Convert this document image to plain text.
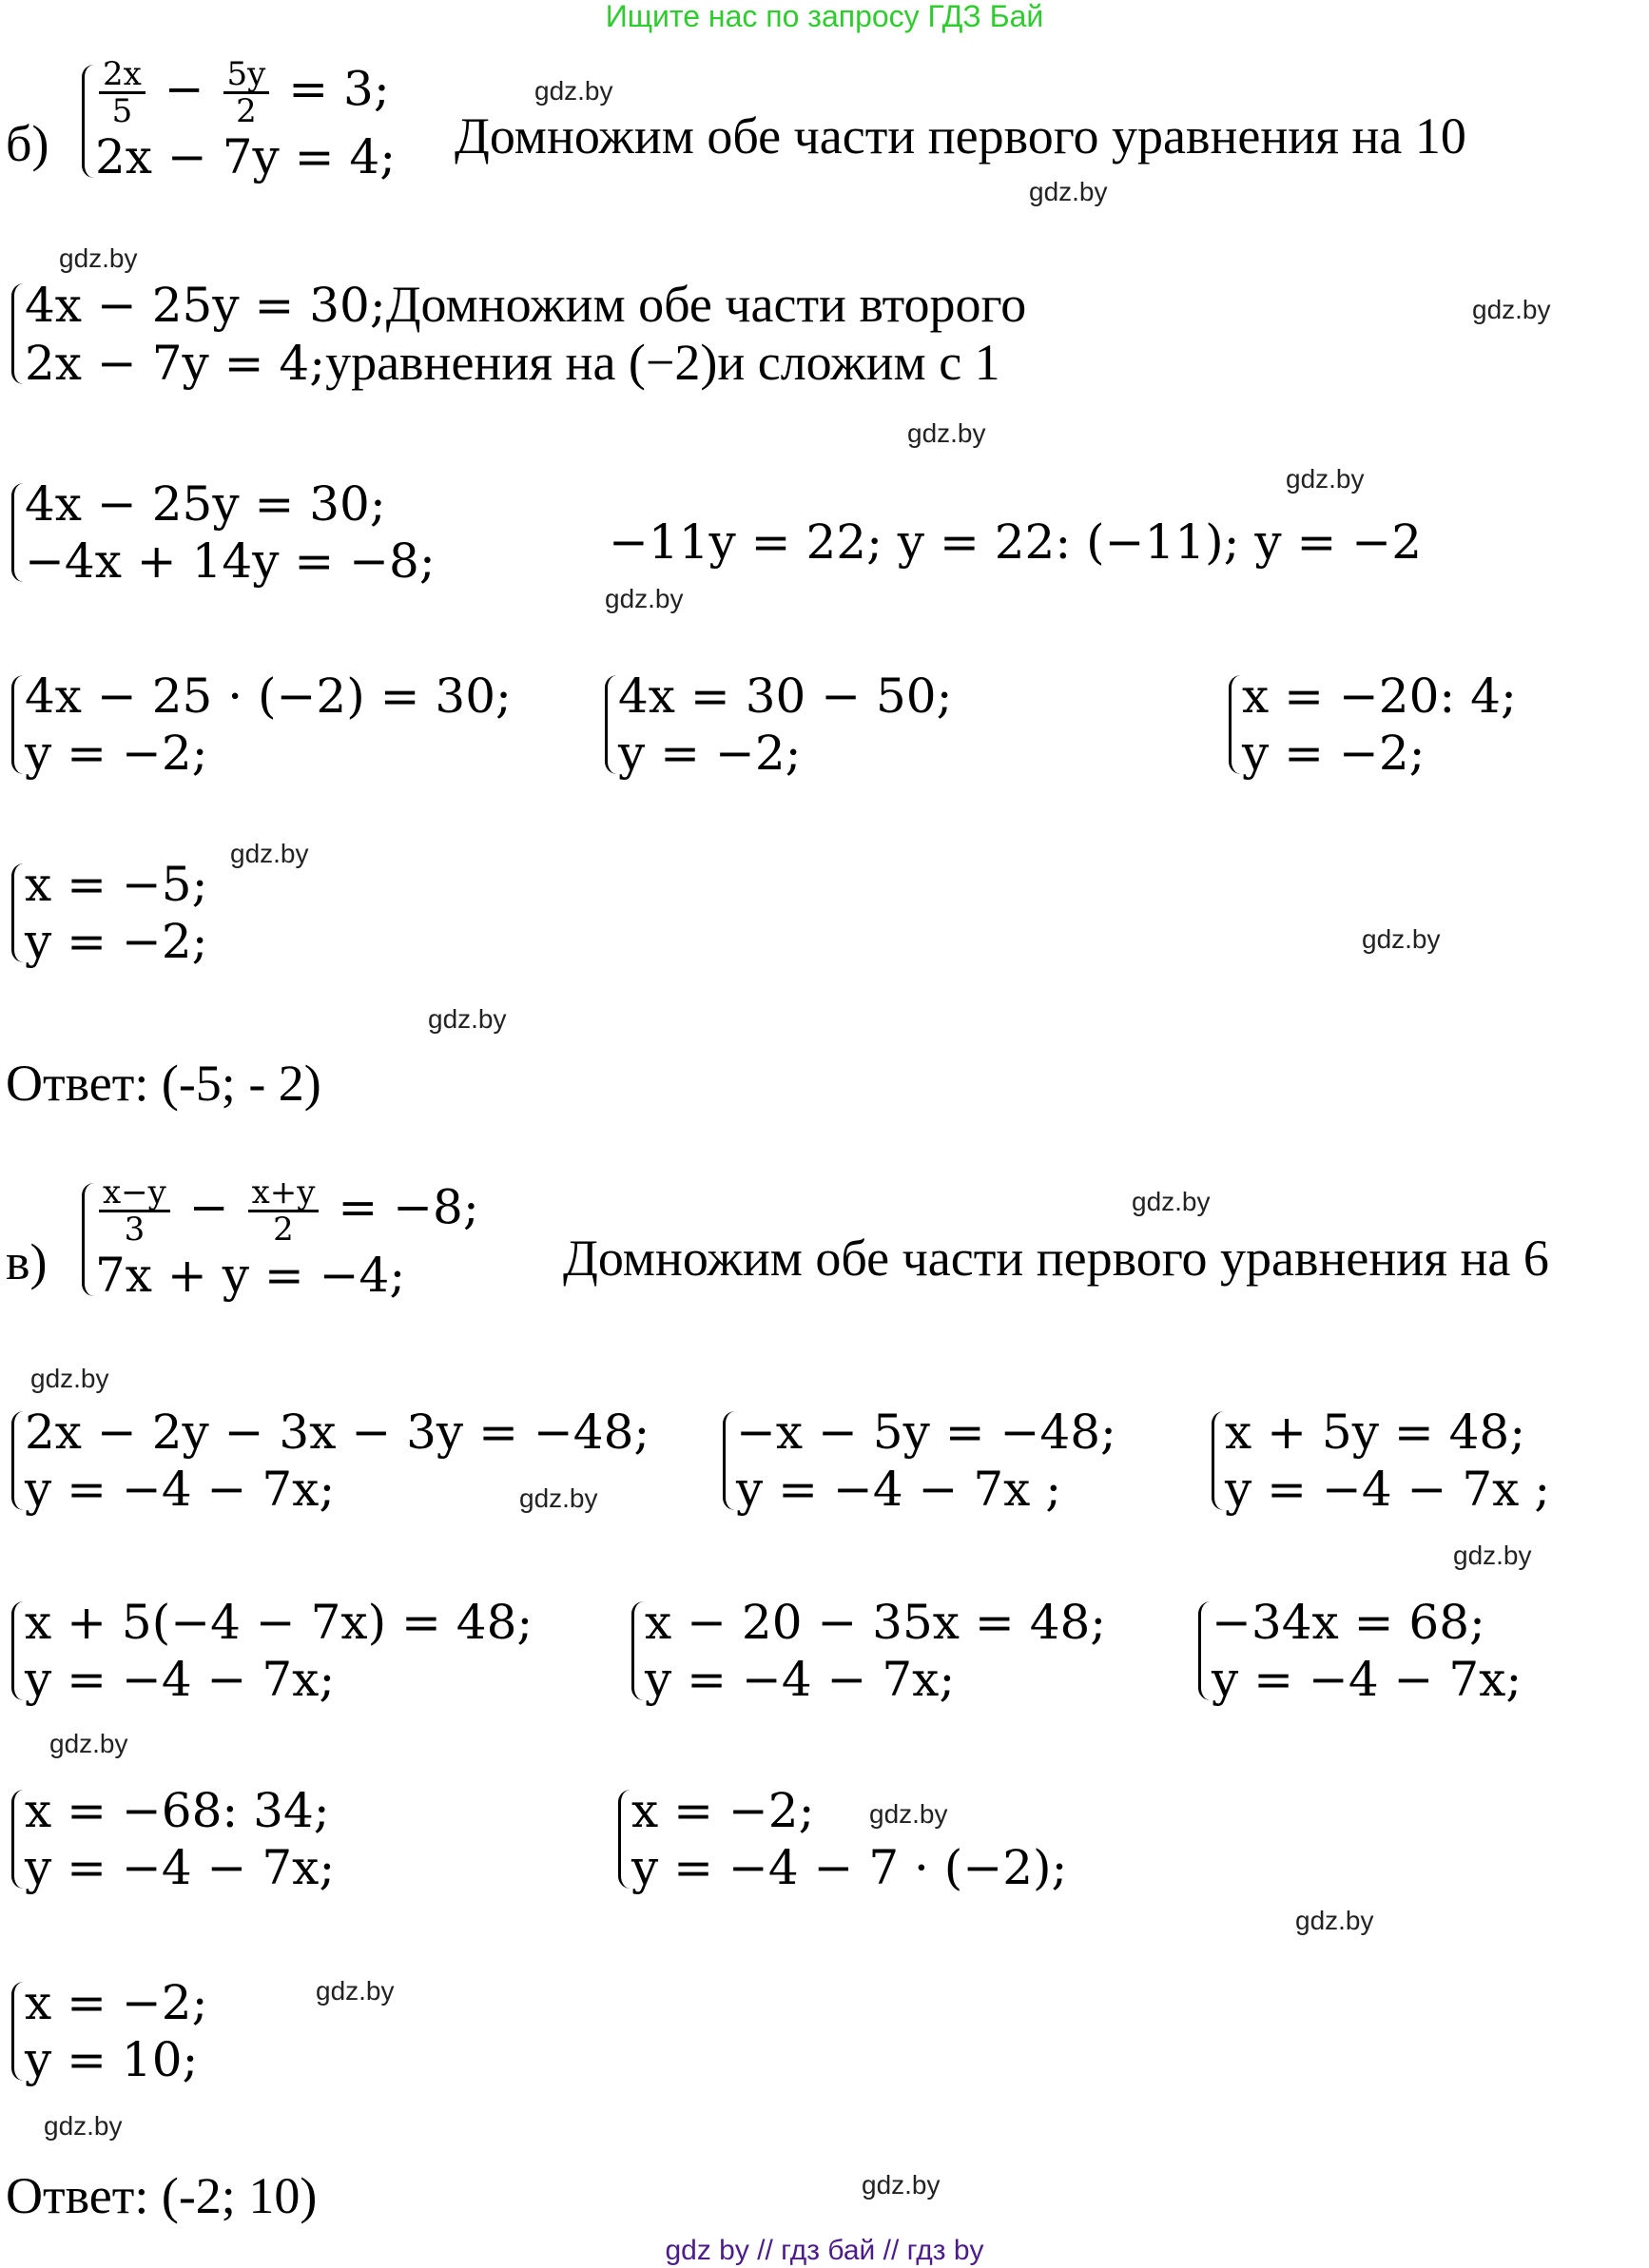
Ищите нас по запросу ГДЗ Бай
б)
$\frac{2x}{5} - \frac{5y}{2} = 3$;
2x − 7y = 4;
gdz.by
Домножим обе части первого уравнения на 10
gdz.by
gdz.by
4x − 25y = 30;Домножим обе части второго
2x − 7y = 4;уравнения на (−2)и сложим с 1
gdz.by
gdz.by
gdz.by
4x − 25y = 30;
−4x + 14y = −8;	−11y = 22; y = 22: (−11); y = −2
gdz.by
4x − 25 · (−2) = 30;
y = −2;
4x = 30 − 50;
y = −2;
x = −20: 4;
y = −2;
gdz.by
x = −5;
y = −2;	gdz.by
gdz.by
Ответ: (-5; - 2)
gdz.by
в)
$\frac{x-y}{3} - \frac{x+y}{2} = -8$;
7x + y = −4;	Домножим обе части первого уравнения на 6
gdz.by
2x − 2y − 3x − 3y = −48;
y = −4 − 7x;	gdz.by
−x − 5y = −48;
y = −4 − 7x ;
x + 5y = 48;
y = −4 − 7x ;
gdz.by
x + 5(−4 − 7x) = 48;
y = −4 − 7x;
x − 20 − 35x = 48;
y = −4 − 7x;
−34x = 68;
y = −4 − 7x;
gdz.by
x = −68: 34;
y = −4 − 7x;
x = −2;
y = −4 − 7 · (−2);
gdz.by
gdz.by
gdz.by
x = −2;
y = 10;
gdz.by
gdz.by
Ответ: (-2; 10)
gdz by // гдз бай // гдз by
